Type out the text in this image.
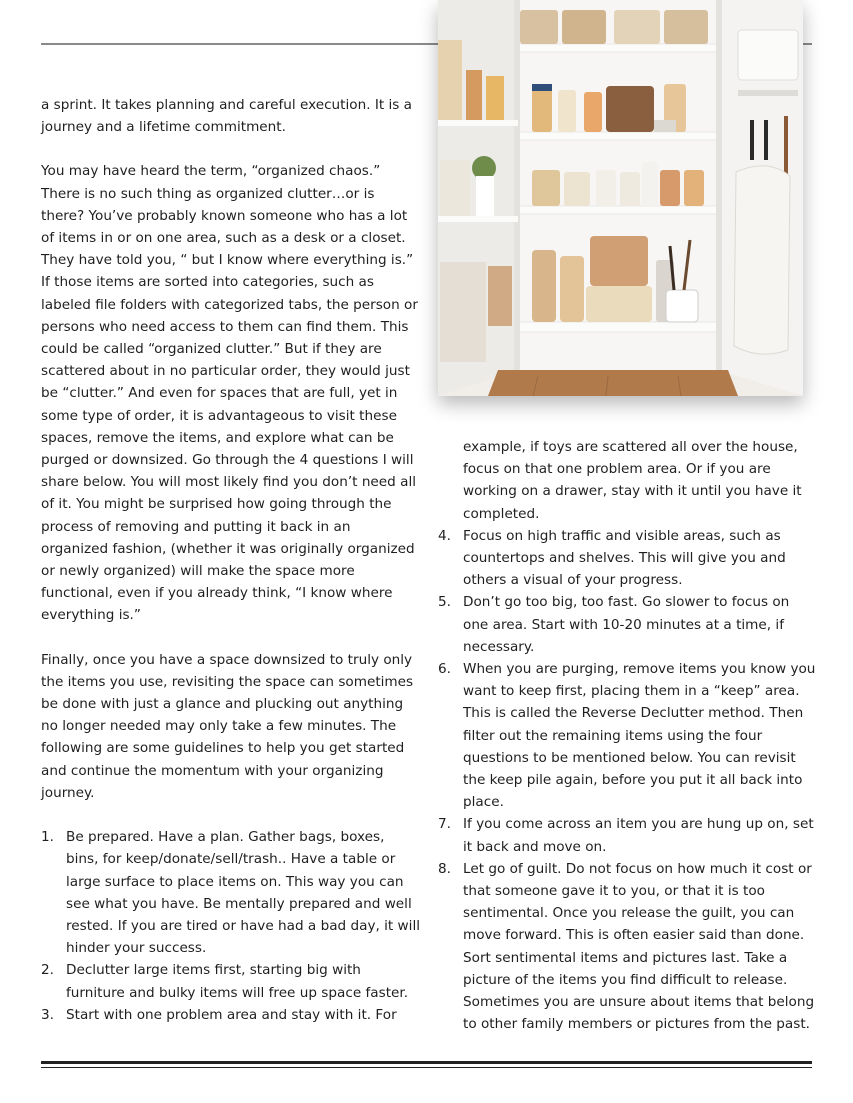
a sprint. It takes planning and careful execution. It is a journey and a lifetime commitment.

You may have heard the term, “organized chaos.” There is no such thing as organized clutter…or is there? You’ve probably known someone who has a lot of items in or on one area, such as a desk or a closet. They have told you, “ but I know where everything is.” If those items are sorted into categories, such as labeled file folders with categorized tabs, the person or persons who need access to them can find them. This could be called “organized clutter.” But if they are scattered about in no particular order, they would just be “clutter.” And even for spaces that are full, yet in some type of order, it is advantageous to visit these spaces, remove the items, and explore what can be purged or downsized. Go through the 4 questions I will share below. You will most likely find you don’t need all of it. You might be surprised how going through the process of removing and putting it back in an organized fashion, (whether it was originally organized or newly organized) will make the space more functional, even if you already think, “I know where everything is.”

Finally, once you have a space downsized to truly only the items you use, revisiting the space can sometimes be done with just a glance and plucking out anything no longer needed may only take a few minutes. The following are some guidelines to help you get started and continue the momentum with your organizing journey.

1. Be prepared. Have a plan. Gather bags, boxes, bins, for keep/donate/sell/trash.. Have a table or large surface to place items on. This way you can see what you have. Be mentally prepared and well rested. If you are tired or have had a bad day, it will hinder your success.
2. Declutter large items first, starting big with furniture and bulky items will free up space faster.
3. Start with one problem area and stay with it. For

example, if toys are scattered all over the house, focus on that one problem area. Or if you are working on a drawer, stay with it until you have it completed.

4. Focus on high traffic and visible areas, such as countertops and shelves. This will give you and others a visual of your progress.
5. Don’t go too big, too fast. Go slower to focus on one area. Start with 10-20 minutes at a time, if necessary.
6. When you are purging, remove items you know you want to keep first, placing them in a “keep” area. This is called the Reverse Declutter method. Then filter out the remaining items using the four questions to be mentioned below. You can revisit the keep pile again, before you put it all back into place.
7. If you come across an item you are hung up on, set it back and move on.
8. Let go of guilt. Do not focus on how much it cost or that someone gave it to you, or that it is too sentimental. Once you release the guilt, you can move forward. This is often easier said than done. Sort sentimental items and pictures last. Take a picture of the items you find difficult to release. Sometimes you are unsure about items that belong to other family members or pictures from the past.
